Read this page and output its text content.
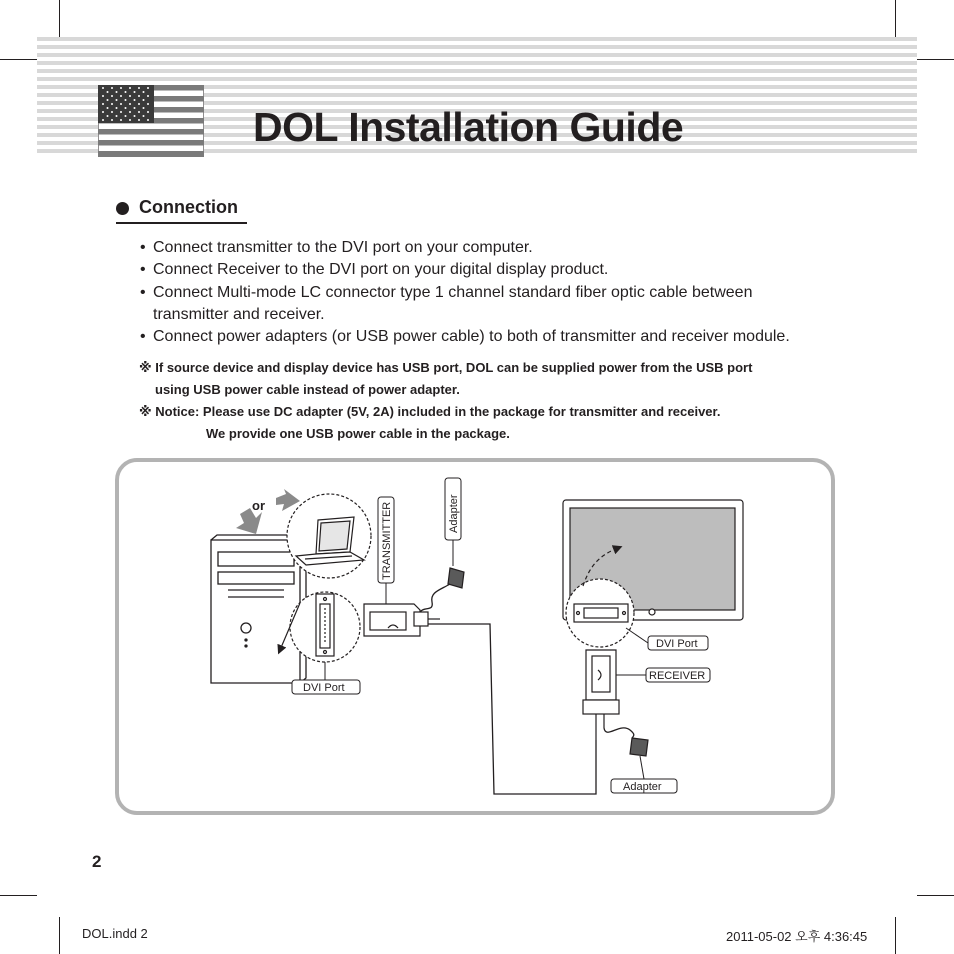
DOL Installation Guide
Connection
• Connect transmitter to the DVI port on your computer.
• Connect Receiver to the DVI port on your digital display product.
• Connect Multi-mode LC connector type 1 channel standard fiber optic cable between
transmitter and receiver.
• Connect power adapters (or USB power cable) to both of transmitter and receiver module.
※ If source device and display device has USB port, DOL can be supplied power from the USB port
using USB power cable instead of power adapter.
※ Notice: Please use DC adapter (5V, 2A) included in the package for transmitter and receiver.
We provide one USB power cable in the package.
or
DVI Port
TRANSMITTER	Adapter
DVI Port
RECEIVER
Adapter
2
DOL.indd 2	2011-05-02 오후 4:36:45
